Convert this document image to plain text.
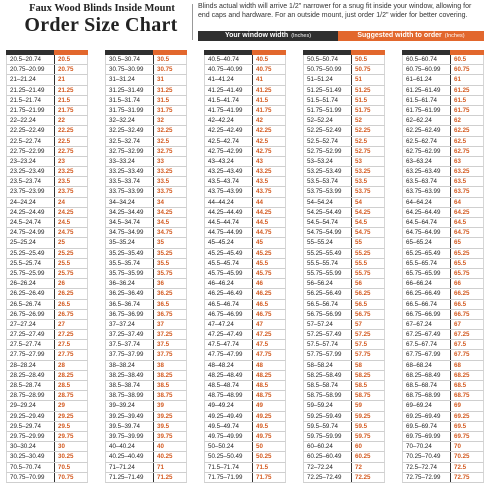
Faux Wood Blinds Inside Mount
Order Size Chart
Blinds actual width will arrive 1/2" narrower for a snug fit inside your window, allowing for end caps and hardware. For an outside mount, just order 1/2" wider for better covering.
Your window width (Inches)	Suggested width to order (Inches)
20.5–20.74	20.5
20.75–20.99	20.75
21–21.24	21
21.25–21.49	21.25
21.5–21.74	21.5
21.75–21.99	21.75
22–22.24	22
22.25–22.49	22.25
22.5–22.74	22.5
22.75–22.99	22.75
23–23.24	23
23.25–23.49	23.25
23.5–23.74	23.5
23.75–23.99	23.75
24–24.24	24
24.25–24.49	24.25
24.5–24.74	24.5
24.75–24.99	24.75
25–25.24	25
25.25–25.49	25.25
25.5–25.74	25.5
25.75–25.99	25.75
26–26.24	26
26.25–26.49	26.25
26.5–26.74	26.5
26.75–26.99	26.75
27–27.24	27
27.25–27.49	27.25
27.5–27.74	27.5
27.75–27.99	27.75
28–28.24	28
28.25–28.49	28.25
28.5–28.74	28.5
28.75–28.99	28.75
29–29.24	29
29.25–29.49	29.25
29.5–29.74	29.5
29.75–29.99	29.75
30–30.24	30
30.25–30.49	30.25
70.5–70.74	70.5
70.75–70.99	70.75
30.5–30.74	30.5
30.75–30.99	30.75
31–31.24	31
31.25–31.49	31.25
31.5–31.74	31.5
31.75–31.99	31.75
32–32.24	32
32.25–32.49	32.25
32.5–32.74	32.5
32.75–32.99	32.75
33–33.24	33
33.25–33.49	33.25
33.5–33.74	33.5
33.75–33.99	33.75
34–34.24	34
34.25–34.49	34.25
34.5–34.74	34.5
34.75–34.99	34.75
35–35.24	35
35.25–35.49	35.25
35.5–35.74	35.5
35.75–35.99	35.75
36–36.24	36
36.25–36.49	36.25
36.5–36.74	36.5
36.75–36.99	36.75
37–37.24	37
37.25–37.49	37.25
37.5–37.74	37.5
37.75–37.99	37.75
38–38.24	38
38.25–38.49	38.25
38.5–38.74	38.5
38.75–38.99	38.75
39–39.24	39
39.25–39.49	39.25
39.5–39.74	39.5
39.75–39.99	39.75
40–40.24	40
40.25–40.49	40.25
71–71.24	71
71.25–71.49	71.25
40.5–40.74	40.5
40.75–40.99	40.75
41–41.24	41
41.25–41.49	41.25
41.5–41.74	41.5
41.75–41.99	41.75
42–42.24	42
42.25–42.49	42.25
42.5–42.74	42.5
42.75–42.99	42.75
43–43.24	43
43.25–43.49	43.25
43.5–43.74	43.5
43.75–43.99	43.75
44–44.24	44
44.25–44.49	44.25
44.5–44.74	44.5
44.75–44.99	44.75
45–45.24	45
45.25–45.49	45.25
45.5–45.74	45.5
45.75–45.99	45.75
46–46.24	46
46.25–46.49	46.25
46.5–46.74	46.5
46.75–46.99	46.75
47–47.24	47
47.25–47.49	47.25
47.5–47.74	47.5
47.75–47.99	47.75
48–48.24	48
48.25–48.49	48.25
48.5–48.74	48.5
48.75–48.99	48.75
49–49.24	49
49.25–49.49	49.25
49.5–49.74	49.5
49.75–49.99	49.75
50–50.24	50
50.25–50.49	50.25
71.5–71.74	71.5
71.75–71.99	71.75
50.5–50.74	50.5
50.75–50.99	50.75
51–51.24	51
51.25–51.49	51.25
51.5–51.74	51.5
51.75–51.99	51.75
52–52.24	52
52.25–52.49	52.25
52.5–52.74	52.5
52.75–52.99	52.75
53–53.24	53
53.25–53.49	53.25
53.5–53.74	53.5
53.75–53.99	53.75
54–54.24	54
54.25–54.49	54.25
54.5–54.74	54.5
54.75–54.99	54.75
55–55.24	55
55.25–55.49	55.25
55.5–55.74	55.5
55.75–55.99	55.75
56–56.24	56
56.25–56.49	56.25
56.5–56.74	56.5
56.75–56.99	56.75
57–57.24	57
57.25–57.49	57.25
57.5–57.74	57.5
57.75–57.99	57.75
58–58.24	58
58.25–58.49	58.25
58.5–58.74	58.5
58.75–58.99	58.75
59–59.24	59
59.25–59.49	59.25
59.5–59.74	59.5
59.75–59.99	59.75
60–60.24	60
60.25–60.49	60.25
72–72.24	72
72.25–72.49	72.25
60.5–60.74	60.5
60.75–60.99	60.75
61–61.24	61
61.25–61.49	61.25
61.5–61.74	61.5
61.75–61.99	61.75
62–62.24	62
62.25–62.49	62.25
62.5–62.74	62.5
62.75–62.99	62.75
63–63.24	63
63.25–63.49	63.25
63.5–63.74	63.5
63.75–63.99	63.75
64–64.24	64
64.25–64.49	64.25
64.5–64.74	64.5
64.75–64.99	64.75
65–65.24	65
65.25–65.49	65.25
65.5–65.74	65.5
65.75–65.99	65.75
66–66.24	66
66.25–66.49	66.25
66.5–66.74	66.5
66.75–66.99	66.75
67–67.24	67
67.25–67.49	67.25
67.5–67.74	67.5
67.75–67.99	67.75
68–68.24	68
68.25–68.49	68.25
68.5–68.74	68.5
68.75–68.99	68.75
69–69.24	69
69.25–69.49	69.25
69.5–69.74	69.5
69.75–69.99	69.75
70–70.24	70
70.25–70.49	70.25
72.5–72.74	72.5
72.75–72.99	72.75
